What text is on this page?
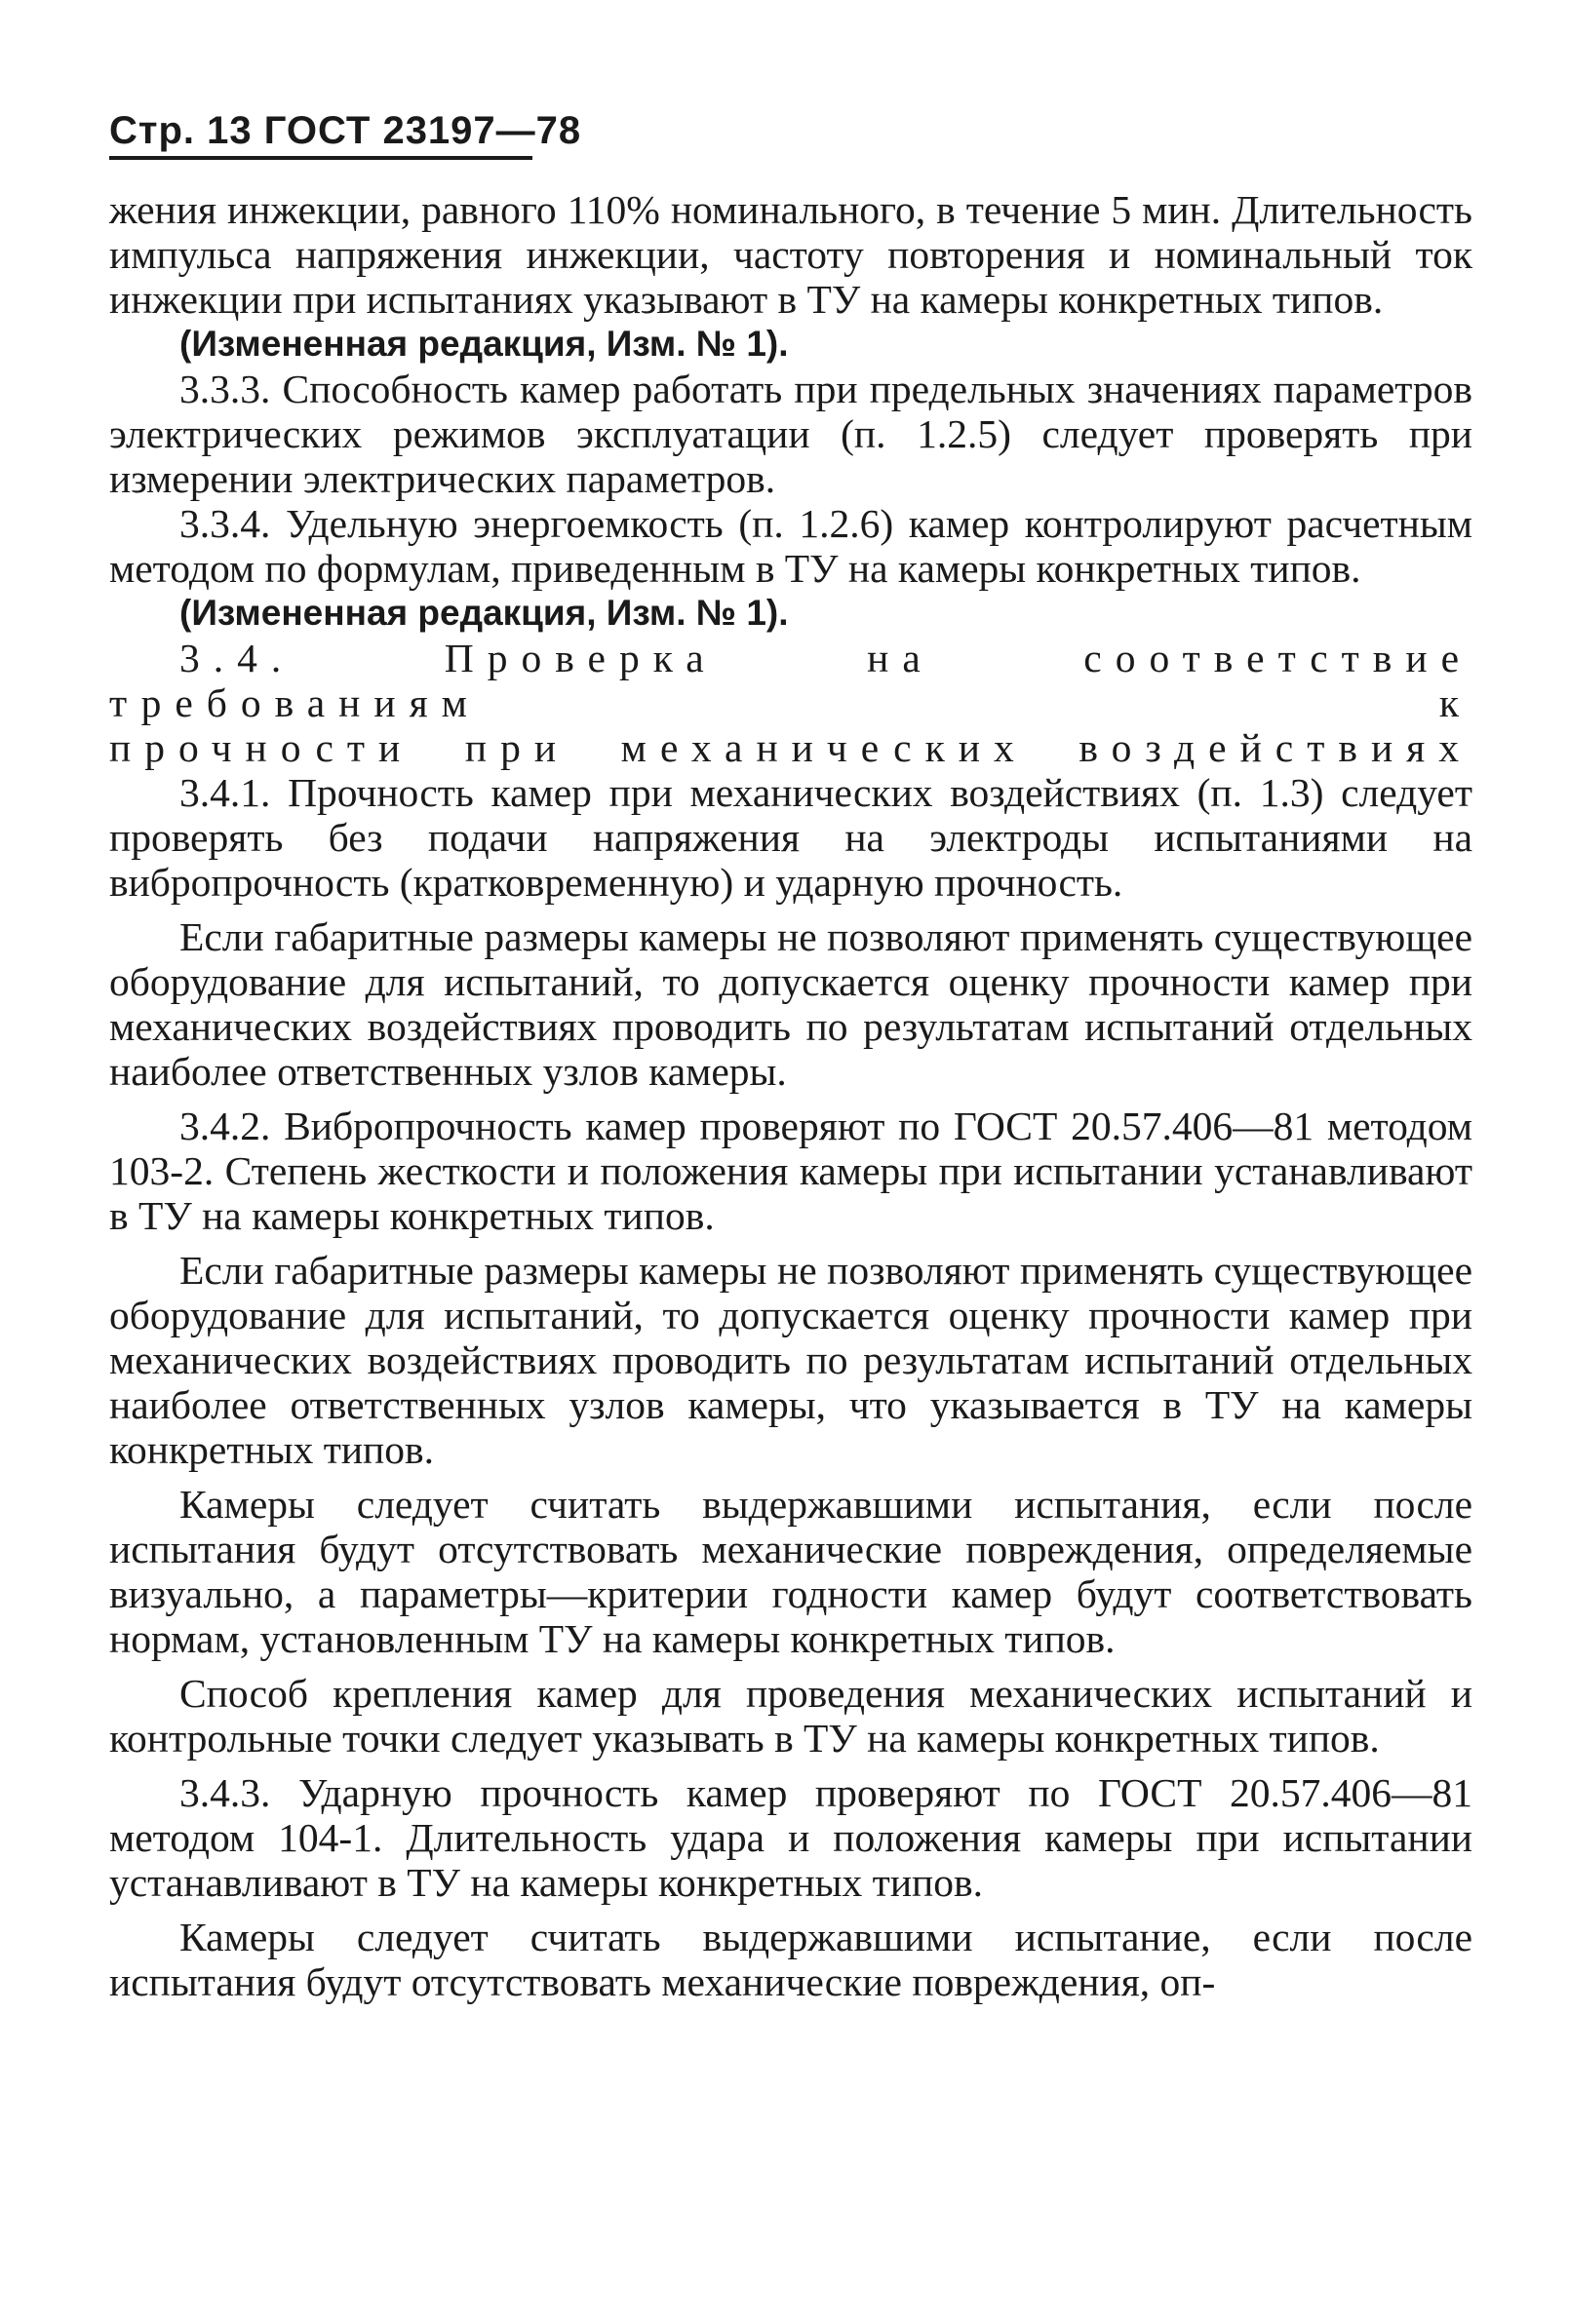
Стр. 13 ГОСТ 23197—78

жения инжекции, равного 110% номинального, в течение 5 мин. Длительность импульса напряжения инжекции, частоту повторения и номинальный ток инжекции при испытаниях указывают в ТУ на камеры конкретных типов.

(Измененная редакция, Изм. № 1).

3.3.3. Способность камер работать при предельных значениях параметров электрических режимов эксплуатации (п. 1.2.5) следует проверять при измерении электрических параметров.

3.3.4. Удельную энергоемкость (п. 1.2.6) камер контролируют расчетным методом по формулам, приведенным в ТУ на камеры конкретных типов.

(Измененная редакция, Изм. № 1).

3.4. Проверка на соответствие требованиям к

прочности при механических воздействиях

3.4.1. Прочность камер при механических воздействиях (п. 1.3) следует проверять без подачи напряжения на электроды испытаниями на вибропрочность (кратковременную) и ударную прочность.

Если габаритные размеры камеры не позволяют применять существующее оборудование для испытаний, то допускается оценку прочности камер при механических воздействиях проводить по результатам испытаний отдельных наиболее ответственных узлов камеры.

3.4.2. Вибропрочность камер проверяют по ГОСТ 20.57.406—81 методом 103-2. Степень жесткости и положения камеры при испытании устанавливают в ТУ на камеры конкретных типов.

Если габаритные размеры камеры не позволяют применять существующее оборудование для испытаний, то допускается оценку прочности камер при механических воздействиях проводить по результатам испытаний отдельных наиболее ответственных узлов камеры, что указывается в ТУ на камеры конкретных типов.

Камеры следует считать выдержавшими испытания, если после испытания будут отсутствовать механические повреждения, определяемые визуально, а параметры—критерии годности камер будут соответствовать нормам, установленным ТУ на камеры конкретных типов.

Способ крепления камер для проведения механических испытаний и контрольные точки следует указывать в ТУ на камеры конкретных типов.

3.4.3. Ударную прочность камер проверяют по ГОСТ 20.57.406—81 методом 104-1. Длительность удара и положения камеры при испытании устанавливают в ТУ на камеры конкретных типов.

Камеры следует считать выдержавшими испытание, если после испытания будут отсутствовать механические повреждения, оп-
